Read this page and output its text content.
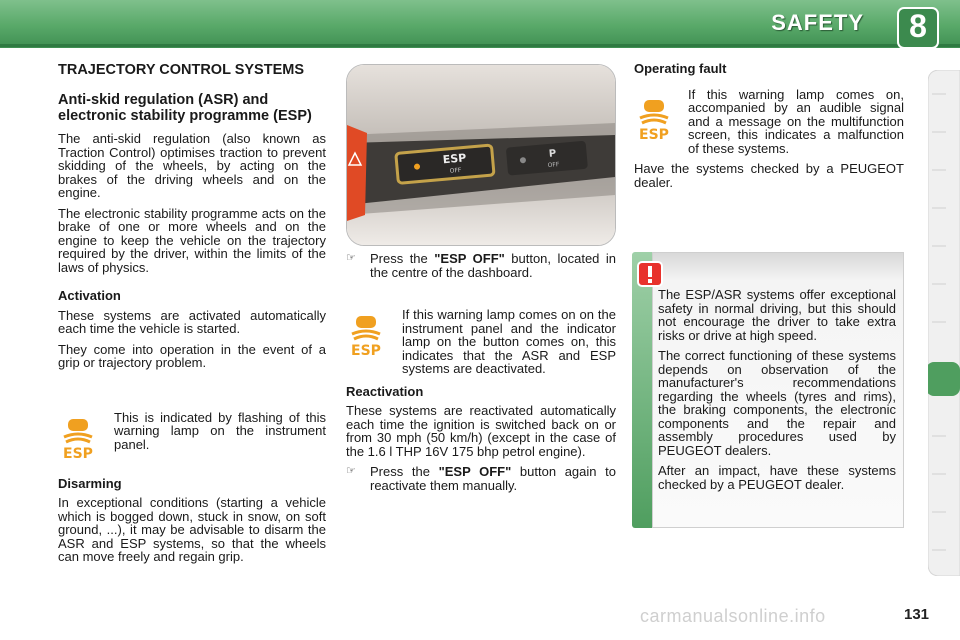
SAFETY	8
TRAJECTORY CONTROL SYSTEMS
Anti-skid regulation (ASR) and electronic stability programme (ESP)

The anti-skid regulation (also known as Traction Control) optimises traction to prevent skidding of the wheels, by acting on the brakes of the driving wheels and on the engine.

The electronic stability programme acts on the brake of one or more wheels and on the engine to keep the vehicle on the trajectory required by the driver, within the limits of the laws of physics.

Activation

These systems are activated automatically each time the vehicle is started.

They come into operation in the event of a grip or trajectory problem.

ESP

This is indicated by flashing of this warning lamp on the instrument panel.

Disarming

In exceptional conditions (starting a vehicle which is bogged down, stuck in snow, on soft ground, ...), it may be advisable to disarm the ASR and ESP systems, so that the wheels can move freely and regain grip.

ESP
OFF
P
OFF
☞	Press the "ESP OFF" button, located in the centre of the dashboard.

ESP

If this warning lamp comes on on the instrument panel and the indicator lamp on the button comes on, this indicates that the ASR and ESP systems are deactivated.

Reactivation

These systems are reactivated automatically each time the ignition is switched back on or from 30 mph (50 km/h) (except in the case of the 1.6 l THP 16V 175 bhp petrol engine).

☞	Press the "ESP OFF" button again to reactivate them manually.

Operating fault
ESP

If this warning lamp comes on, accompanied by an audible signal and a message on the multifunction screen, this indicates a malfunction of these systems.

Have the systems checked by a PEUGEOT dealer.

The ESP/ASR systems offer exceptional safety in normal driving, but this should not encourage the driver to take extra risks or drive at high speed.

The correct functioning of these systems depends on observation of the manufacturer's recommendations regarding the wheels (tyres and rims), the braking components, the electronic components and the repair and assembly procedures used by PEUGEOT dealers.

After an impact, have these systems checked by a PEUGEOT dealer.

carmanualsonline.info	131
